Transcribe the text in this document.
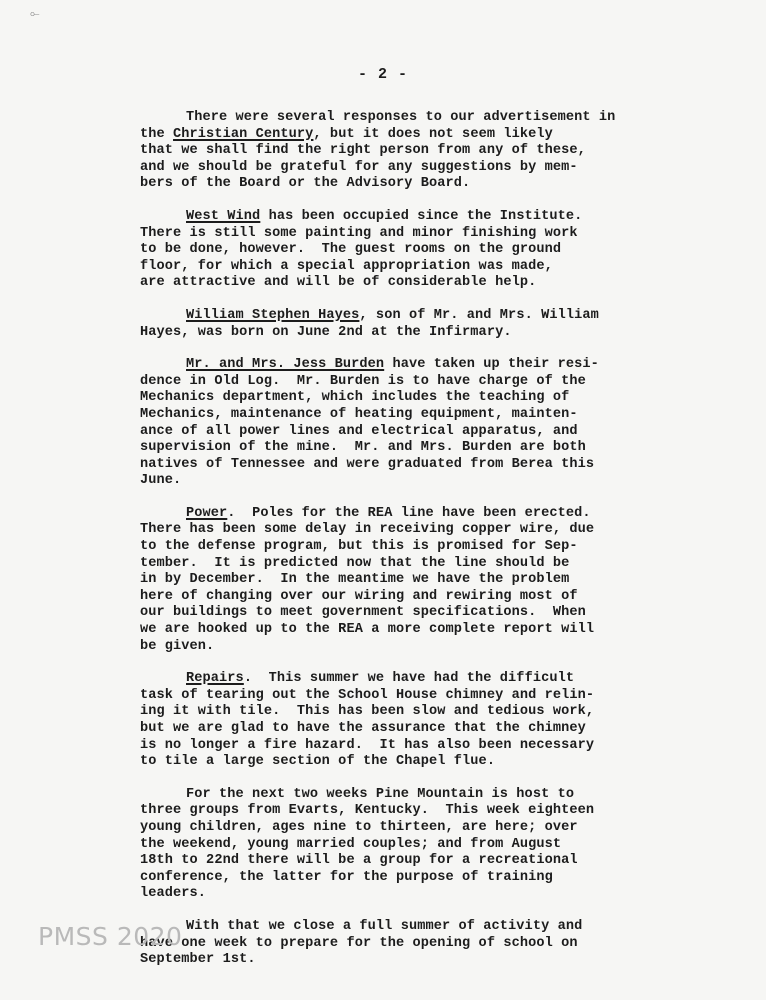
⟜
- 2 -
There were several responses to our advertisement in
the Christian Century, but it does not seem likely
that we shall find the right person from any of these,
and we should be grateful for any suggestions by mem-
bers of the Board or the Advisory Board.
West Wind has been occupied since the Institute.
There is still some painting and minor finishing work
to be done, however.  The guest rooms on the ground
floor, for which a special appropriation was made,
are attractive and will be of considerable help.
William Stephen Hayes, son of Mr. and Mrs. William
Hayes, was born on June 2nd at the Infirmary.
Mr. and Mrs. Jess Burden have taken up their resi-
dence in Old Log.  Mr. Burden is to have charge of the
Mechanics department, which includes the teaching of
Mechanics, maintenance of heating equipment, mainten-
ance of all power lines and electrical apparatus, and
supervision of the mine.  Mr. and Mrs. Burden are both
natives of Tennessee and were graduated from Berea this
June.
Power.  Poles for the REA line have been erected.
There has been some delay in receiving copper wire, due
to the defense program, but this is promised for Sep-
tember.  It is predicted now that the line should be
in by December.  In the meantime we have the problem
here of changing over our wiring and rewiring most of
our buildings to meet government specifications.  When
we are hooked up to the REA a more complete report will
be given.
Repairs.  This summer we have had the difficult
task of tearing out the School House chimney and relin-
ing it with tile.  This has been slow and tedious work,
but we are glad to have the assurance that the chimney
is no longer a fire hazard.  It has also been necessary
to tile a large section of the Chapel flue.
For the next two weeks Pine Mountain is host to
three groups from Evarts, Kentucky.  This week eighteen
young children, ages nine to thirteen, are here; over
the weekend, young married couples; and from August
18th to 22nd there will be a group for a recreational
conference, the latter for the purpose of training
leaders.
With that we close a full summer of activity and
have one week to prepare for the opening of school on
September 1st.
PMSS 2020
